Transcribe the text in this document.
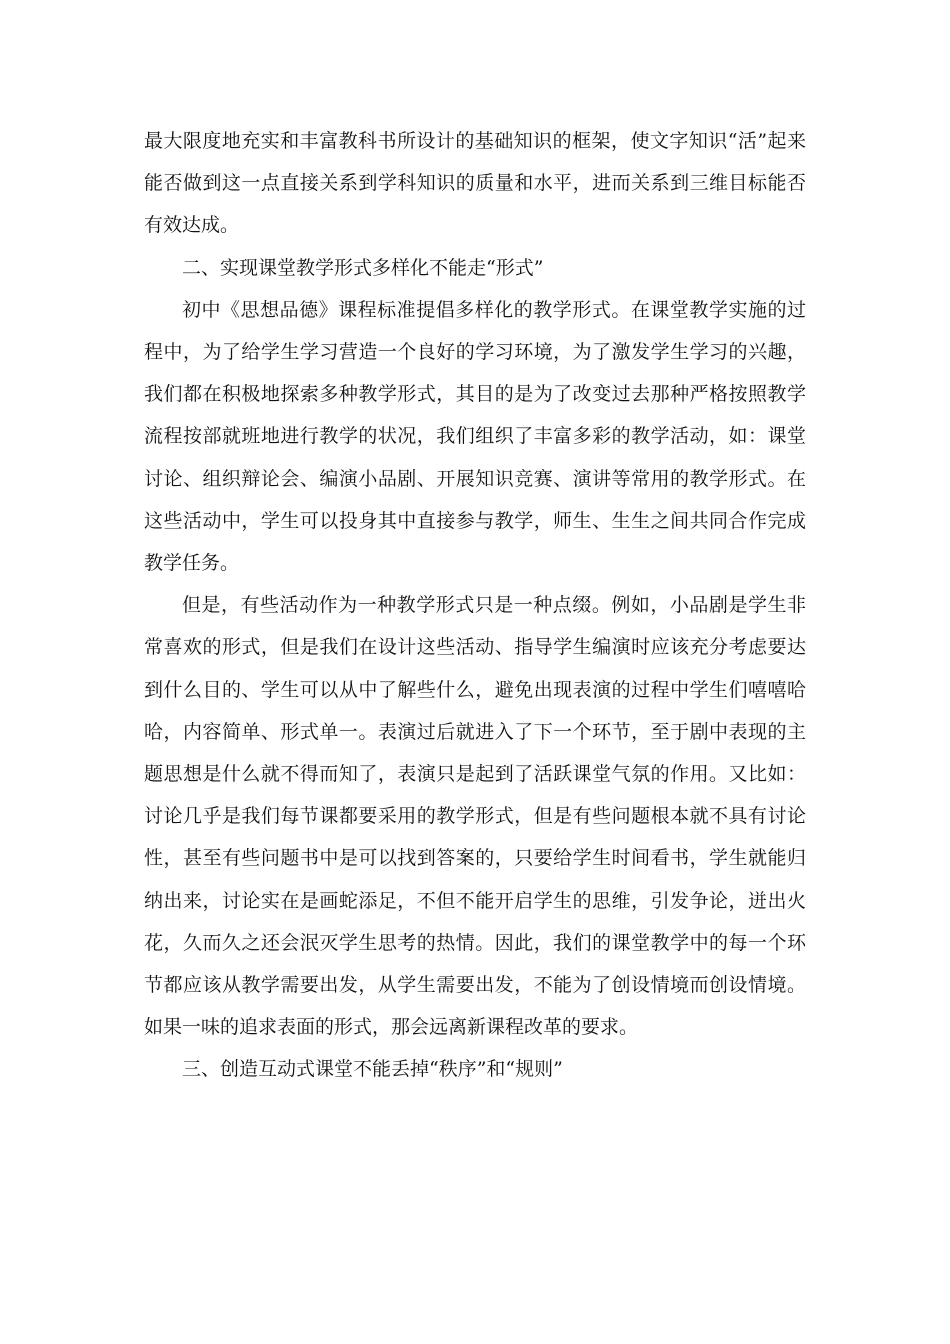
最大限度地充实和丰富教科书所设计的基础知识的框架，使文字知识“活”起来能否做到这一点直接关系到学科知识的质量和水平，进而关系到三维目标能否有效达成。

二、实现课堂教学形式多样化不能走“形式”

初中《思想品德》课程标准提倡多样化的教学形式。在课堂教学实施的过程中，为了给学生学习营造一个良好的学习环境，为了激发学生学习的兴趣，我们都在积极地探索多种教学形式，其目的是为了改变过去那种严格按照教学流程按部就班地进行教学的状况，我们组织了丰富多彩的教学活动，如：课堂讨论、组织辩论会、编演小品剧、开展知识竞赛、演讲等常用的教学形式。在这些活动中，学生可以投身其中直接参与教学，师生、生生之间共同合作完成教学任务。

但是，有些活动作为一种教学形式只是一种点缀。例如，小品剧是学生非常喜欢的形式，但是我们在设计这些活动、指导学生编演时应该充分考虑要达到什么目的、学生可以从中了解些什么，避免出现表演的过程中学生们嘻嘻哈哈，内容简单、形式单一。表演过后就进入了下一个环节，至于剧中表现的主题思想是什么就不得而知了，表演只是起到了活跃课堂气氛的作用。又比如：讨论几乎是我们每节课都要采用的教学形式，但是有些问题根本就不具有讨论性，甚至有些问题书中是可以找到答案的，只要给学生时间看书，学生就能归纳出来，讨论实在是画蛇添足，不但不能开启学生的思维，引发争论，迸出火花，久而久之还会泯灭学生思考的热情。因此，我们的课堂教学中的每一个环节都应该从教学需要出发，从学生需要出发，不能为了创设情境而创设情境。如果一味的追求表面的形式，那会远离新课程改革的要求。

三、创造互动式课堂不能丢掉“秩序”和“规则”
